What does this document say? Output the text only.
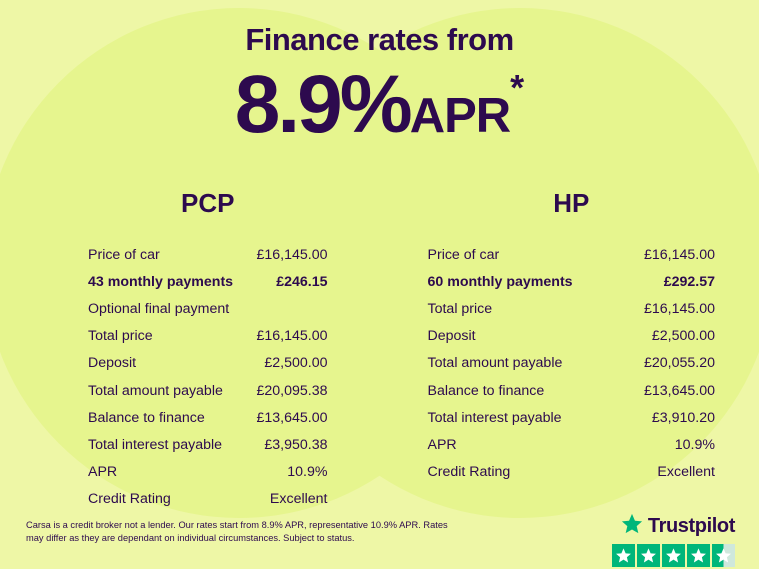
Finance rates from
8.9%APR*
PCP
Price of car	£16,145.00
43 monthly payments	£246.15
Optional final payment
Total price	£16,145.00
Deposit	£2,500.00
Total amount payable £20,095.38
Balance to finance	£13,645.00
Total interest payable	£3,950.38
APR	10.9%
Credit Rating	Excellent
HP
Price of car	£16,145.00
60 monthly payments	£292.57
Total price	£16,145.00
Deposit	£2,500.00
Total amount payable	£20,055.20
Balance to finance	£13,645.00
Total interest payable	£3,910.20
APR	10.9%
Credit Rating	Excellent
Carsa is a credit broker not a lender. Our rates start from 8.9% APR, representative 10.9% APR. Rates may differ as they are dependant on individual circumstances. Subject to status.
Trustpilot
